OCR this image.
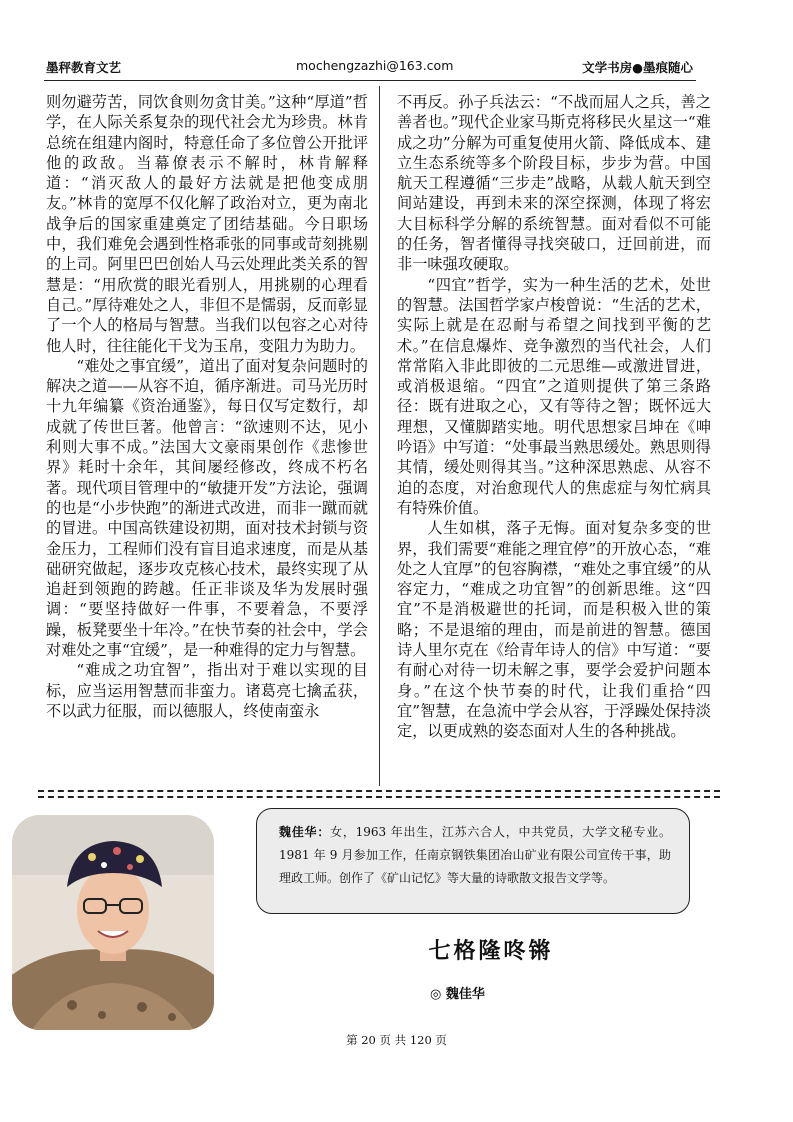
墨秤教育文艺	mochengzazhi@163.com	文学书房●墨痕随心

则勿避劳苦，同饮食则勿贪甘美。”这种“厚道”哲学，在人际关系复杂的现代社会尤为珍贵。林肯总统在组建内阁时，特意任命了多位曾公开批评他的政敌。当幕僚表示不解时，林肯解释道：“消灭敌人的最好方法就是把他变成朋友。”林肯的宽厚不仅化解了政治对立，更为南北战争后的国家重建奠定了团结基础。今日职场中，我们难免会遇到性格乖张的同事或苛刻挑剔的上司。阿里巴巴创始人马云处理此类关系的智慧是：“用欣赏的眼光看别人，用挑剔的心理看自己。”厚待难处之人，非但不是懦弱，反而彰显了一个人的格局与智慧。当我们以包容之心对待他人时，往往能化干戈为玉帛，变阻力为助力。

“难处之事宜缓”，道出了面对复杂问题时的解决之道——从容不迫，循序渐进。司马光历时十九年编纂《资治通鉴》，每日仅写定数行，却成就了传世巨著。他曾言：“欲速则不达，见小利则大事不成。”法国大文豪雨果创作《悲惨世界》耗时十余年，其间屡经修改，终成不朽名著。现代项目管理中的“敏捷开发”方法论，强调的也是“小步快跑”的渐进式改进，而非一蹴而就的冒进。中国高铁建设初期，面对技术封锁与资金压力，工程师们没有盲目追求速度，而是从基础研究做起，逐步攻克核心技术，最终实现了从追赶到领跑的跨越。任正非谈及华为发展时强调：“要坚持做好一件事，不要着急，不要浮躁，板凳要坐十年冷。”在快节奏的社会中，学会对难处之事“宜缓”，是一种难得的定力与智慧。

“难成之功宜智”，指出对于难以实现的目标，应当运用智慧而非蛮力。诸葛亮七擒孟获，不以武力征服，而以德服人，终使南蛮永

不再反。孙子兵法云：“不战而屈人之兵，善之善者也。”现代企业家马斯克将移民火星这一“难成之功”分解为可重复使用火箭、降低成本、建立生态系统等多个阶段目标，步步为营。中国航天工程遵循“三步走”战略，从载人航天到空间站建设，再到未来的深空探测，体现了将宏大目标科学分解的系统智慧。面对看似不可能的任务，智者懂得寻找突破口，迂回前进，而非一味强攻硬取。

“四宜”哲学，实为一种生活的艺术，处世的智慧。法国哲学家卢梭曾说：“生活的艺术，实际上就是在忍耐与希望之间找到平衡的艺术。”在信息爆炸、竞争激烈的当代社会，人们常常陷入非此即彼的二元思维—或激进冒进，或消极退缩。“四宜”之道则提供了第三条路径：既有进取之心，又有等待之智；既怀远大理想，又懂脚踏实地。明代思想家吕坤在《呻吟语》中写道：“处事最当熟思缓处。熟思则得其情，缓处则得其当。”这种深思熟虑、从容不迫的态度，对治愈现代人的焦虑症与匆忙病具有特殊价值。

人生如棋，落子无悔。面对复杂多变的世界，我们需要“难能之理宜停”的开放心态，“难处之人宜厚”的包容胸襟，“难处之事宜缓”的从容定力，“难成之功宜智”的创新思维。这“四宜”不是消极避世的托词，而是积极入世的策略；不是退缩的理由，而是前进的智慧。德国诗人里尔克在《给青年诗人的信》中写道：“要有耐心对待一切未解之事，要学会爱护问题本身。”在这个快节奏的时代，让我们重拾“四宜”智慧，在急流中学会从容，于浮躁处保持淡定，以更成熟的姿态面对人生的各种挑战。

魏佳华：女，1963 年出生，江苏六合人，中共党员，大学文秘专业。1981 年 9 月参加工作，任南京钢铁集团冶山矿业有限公司宣传干事，助理政工师。创作了《矿山记忆》等大量的诗歌散文报告文学等。
七格隆咚锵
◎ 魏佳华
第 20 页 共 120 页
